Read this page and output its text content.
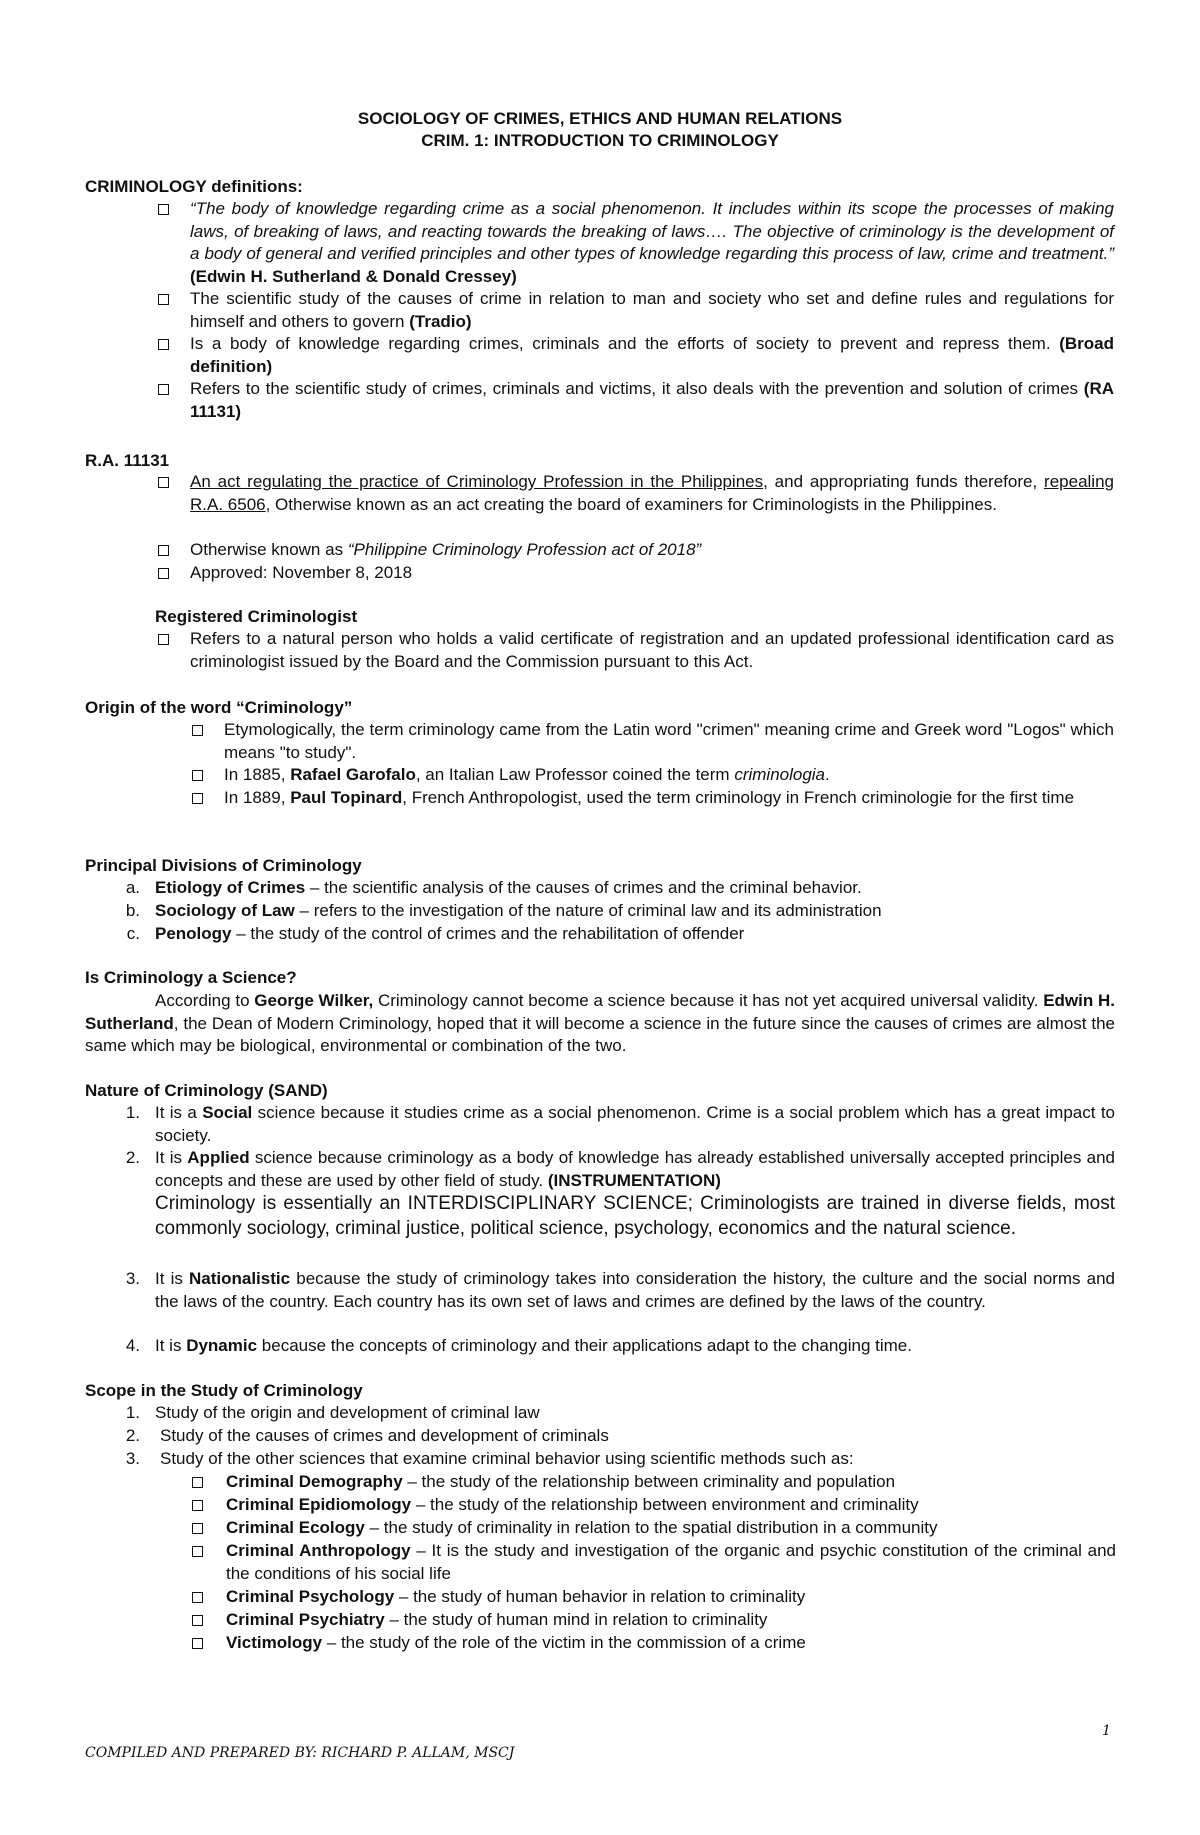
SOCIOLOGY OF CRIMES, ETHICS AND HUMAN RELATIONS
CRIM. 1: INTRODUCTION TO CRIMINOLOGY
CRIMINOLOGY definitions:
“The body of knowledge regarding crime as a social phenomenon. It includes within its scope the processes of making laws, of breaking of laws, and reacting towards the breaking of laws…. The objective of criminology is the development of a body of general and verified principles and other types of knowledge regarding this process of law, crime and treatment.” (Edwin H. Sutherland & Donald Cressey)
The scientific study of the causes of crime in relation to man and society who set and define rules and regulations for himself and others to govern (Tradio)
Is a body of knowledge regarding crimes, criminals and the efforts of society to prevent and repress them. (Broad definition)
Refers to the scientific study of crimes, criminals and victims, it also deals with the prevention and solution of crimes (RA 11131)
R.A. 11131
An act regulating the practice of Criminology Profession in the Philippines, and appropriating funds therefore, repealing R.A. 6506, Otherwise known as an act creating the board of examiners for Criminologists in the Philippines.
Otherwise known as “Philippine Criminology Profession act of 2018”
Approved: November 8, 2018
Registered Criminologist
Refers to a natural person who holds a valid certificate of registration and an updated professional identification card as criminologist issued by the Board and the Commission pursuant to this Act.
Origin of the word “Criminology”
Etymologically, the term criminology came from the Latin word "crimen" meaning crime and Greek word "Logos" which means "to study".
In 1885, Rafael Garofalo, an Italian Law Professor coined the term criminologia.
In 1889, Paul Topinard, French Anthropologist, used the term criminology in French criminologie for the first time
Principal Divisions of Criminology
a. Etiology of Crimes – the scientific analysis of the causes of crimes and the criminal behavior.
b. Sociology of Law – refers to the investigation of the nature of criminal law and its administration
c. Penology – the study of the control of crimes and the rehabilitation of offender
Is Criminology a Science?
According to George Wilker, Criminology cannot become a science because it has not yet acquired universal validity. Edwin H. Sutherland, the Dean of Modern Criminology, hoped that it will become a science in the future since the causes of crimes are almost the same which may be biological, environmental or combination of the two.
Nature of Criminology (SAND)
1. It is a Social science because it studies crime as a social phenomenon. Crime is a social problem which has a great impact to society.
2. It is Applied science because criminology as a body of knowledge has already established universally accepted principles and concepts and these are used by other field of study. (INSTRUMENTATION)
Criminology is essentially an INTERDISCIPLINARY SCIENCE; Criminologists are trained in diverse fields, most commonly sociology, criminal justice, political science, psychology, economics and the natural science.
3. It is Nationalistic because the study of criminology takes into consideration the history, the culture and the social norms and the laws of the country. Each country has its own set of laws and crimes are defined by the laws of the country.
4. It is Dynamic because the concepts of criminology and their applications adapt to the changing time.
Scope in the Study of Criminology
1. Study of the origin and development of criminal law
2. Study of the causes of crimes and development of criminals
3. Study of the other sciences that examine criminal behavior using scientific methods such as:
Criminal Demography – the study of the relationship between criminality and population
Criminal Epidiomology – the study of the relationship between environment and criminality
Criminal Ecology – the study of criminality in relation to the spatial distribution in a community
Criminal Anthropology – It is the study and investigation of the organic and psychic constitution of the criminal and the conditions of his social life
Criminal Psychology – the study of human behavior in relation to criminality
Criminal Psychiatry – the study of human mind in relation to criminality
Victimology – the study of the role of the victim in the commission of a crime
1
COMPILED AND PREPARED BY: RICHARD P. ALLAM, MSCJ
